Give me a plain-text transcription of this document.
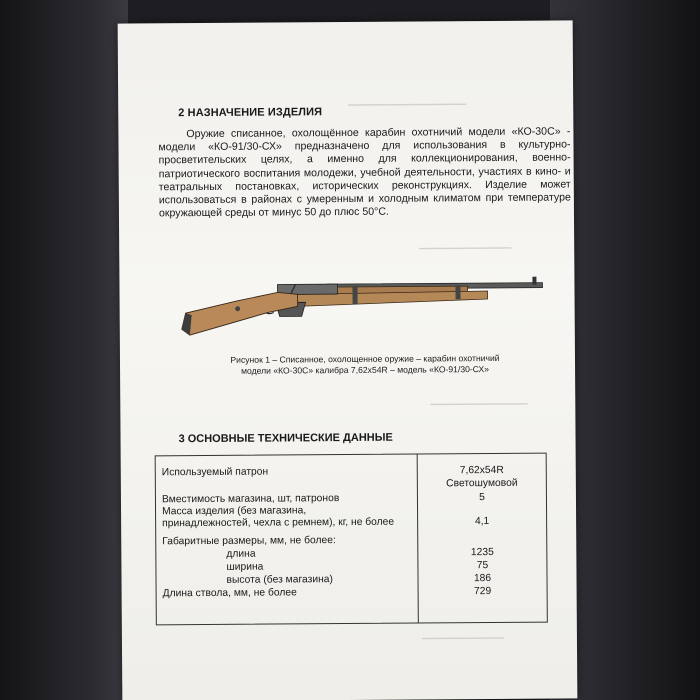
━━━━━━━━━━━━━━━━━━━━━━━
━━━━━━━━━━━━━━━━━━
━━━━━━━━━━━━━━━━━━━
━━━━━━━━━━━━━━━━
2 НАЗНАЧЕНИЕ ИЗДЕЛИЯ
Оружие списанное, охолощённое карабин охотничий модели «КО-30С» - модели «КО-91/30-СХ» предназначено для использования в культурно-просветительских целях, а именно для коллекционирования, военно-патриотического воспитания молодежи, учебной деятельности, участиях в кино- и театральных постановках, исторических реконструкциях. Изделие может использоваться в районах с умеренным и холодным климатом при температуре окружающей среды от минус 50 до плюс 50°С.
Рисунок 1 – Списанное, охолощенное оружие – карабин охотничий
модели «КО-30С» калибра 7,62х54R – модель «КО-91/30-СХ»
3 ОСНОВНЫЕ ТЕХНИЧЕСКИЕ ДАННЫЕ
Используемый патрон	7,62х54R
Светошумовой
Вместимость магазина, шт, патронов	5
Масса изделия (без магазина,
принадлежностей, чехла с ремнем), кг, не более	4,1
Габаритные размеры, мм, не более:
длина	1235
ширина	75
высота (без магазина)	186
Длина ствола, мм, не более	729
